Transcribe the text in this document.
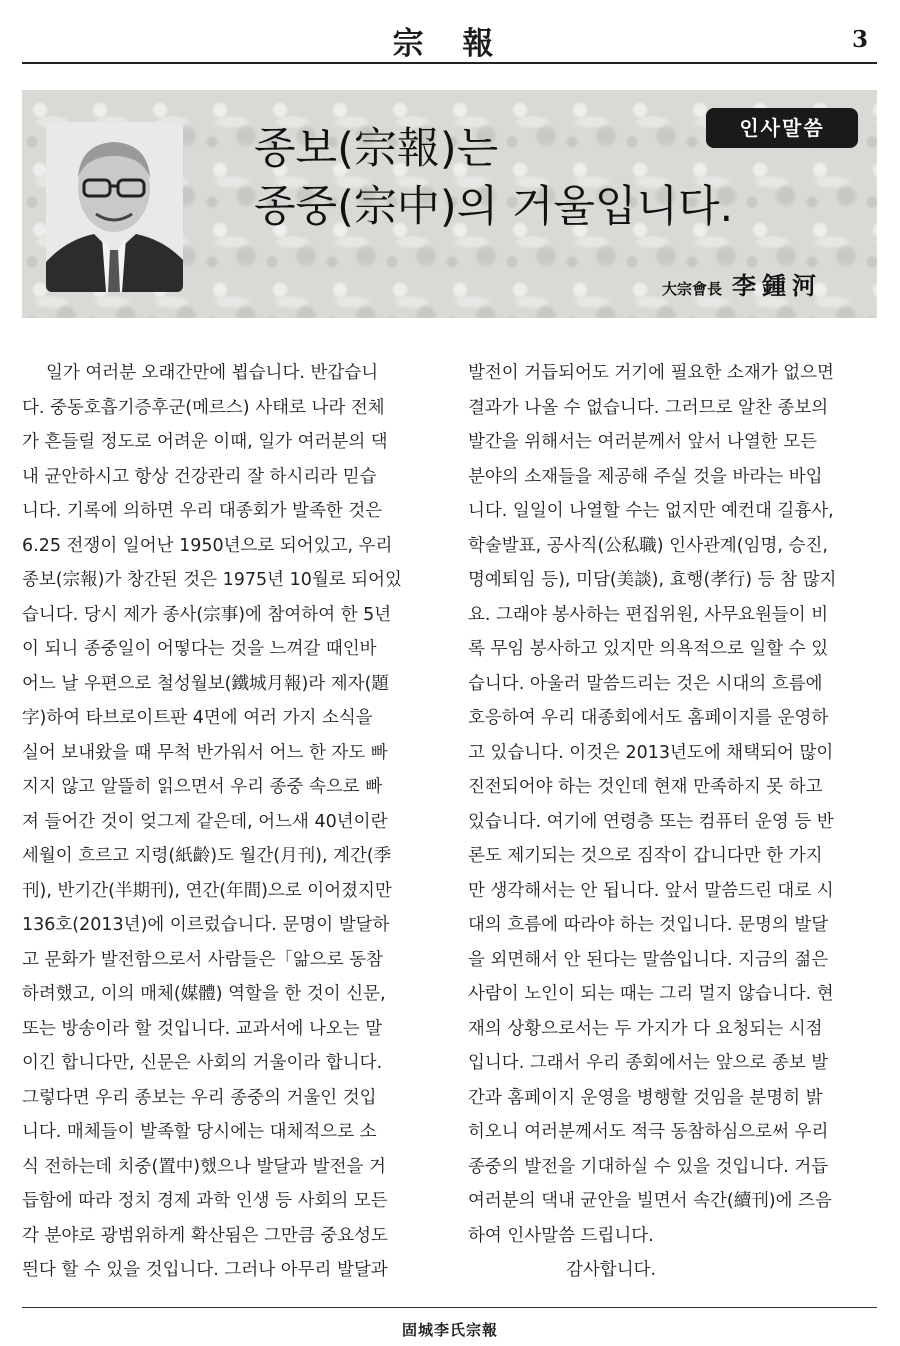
宗 報	3
종보(宗報)는
종중(宗中)의 거울입니다.
인사말씀
大宗會長 李鍾河
일가 여러분 오래간만에 뵙습니다. 반갑습니
다. 중동호흡기증후군(메르스) 사태로 나라 전체
가 흔들릴 정도로 어려운 이때, 일가 여러분의 댁
내 균안하시고 항상 건강관리 잘 하시리라 믿습
니다. 기록에 의하면 우리 대종회가 발족한 것은
6.25 전쟁이 일어난 1950년으로 되어있고, 우리
종보(宗報)가 창간된 것은 1975년 10월로 되어있
습니다. 당시 제가 종사(宗事)에 참여하여 한 5년
이 되니 종중일이 어떻다는 것을 느껴갈 때인바
어느 날 우편으로 철성월보(鐵城月報)라 제자(題
字)하여 타브로이트판 4면에 여러 가지 소식을
실어 보내왔을 때 무척 반가워서 어느 한 자도 빠
지지 않고 알뜰히 읽으면서 우리 종중 속으로 빠
져 들어간 것이 엊그제 같은데, 어느새 40년이란
세월이 흐르고 지령(紙齡)도 월간(月刊), 계간(季
刊), 반기간(半期刊), 연간(年間)으로 이어졌지만
136호(2013년)에 이르렀습니다. 문명이 발달하
고 문화가 발전함으로서 사람들은「앎으로 동참
하려했고, 이의 매체(媒體) 역할을 한 것이 신문,
또는 방송이라 할 것입니다. 교과서에 나오는 말
이긴 합니다만, 신문은 사회의 거울이라 합니다.
그렇다면 우리 종보는 우리 종중의 거울인 것입
니다. 매체들이 발족할 당시에는 대체적으로 소
식 전하는데 치중(置中)했으나 발달과 발전을 거
듭함에 따라 정치 경제 과학 인생 등 사회의 모든
각 분야로 광범위하게 확산됨은 그만큼 중요성도
띈다 할 수 있을 것입니다. 그러나 아무리 발달과
발전이 거듭되어도 거기에 필요한 소재가 없으면
결과가 나올 수 없습니다. 그러므로 알찬 종보의
발간을 위해서는 여러분께서 앞서 나열한 모든
분야의 소재들을 제공해 주실 것을 바라는 바입
니다. 일일이 나열할 수는 없지만 예컨대 길흉사,
학술발표, 공사직(公私職) 인사관계(임명, 승진,
명예퇴임 등), 미담(美談), 효행(孝行) 등 참 많지
요. 그래야 봉사하는 편집위원, 사무요원들이 비
록 무임 봉사하고 있지만 의욕적으로 일할 수 있
습니다. 아울러 말씀드리는 것은 시대의 흐름에
호응하여 우리 대종회에서도 홈페이지를 운영하
고 있습니다. 이것은 2013년도에 채택되어 많이
진전되어야 하는 것인데 현재 만족하지 못 하고
있습니다. 여기에 연령층 또는 컴퓨터 운영 등 반
론도 제기되는 것으로 짐작이 갑니다만 한 가지
만 생각해서는 안 됩니다. 앞서 말씀드린 대로 시
대의 흐름에 따라야 하는 것입니다. 문명의 발달
을 외면해서 안 된다는 말씀입니다. 지금의 젊은
사람이 노인이 되는 때는 그리 멀지 않습니다. 현
재의 상황으로서는 두 가지가 다 요청되는 시점
입니다. 그래서 우리 종회에서는 앞으로 종보 발
간과 홈페이지 운영을 병행할 것임을 분명히 밝
히오니 여러분께서도 적극 동참하심으로써 우리
종중의 발전을 기대하실 수 있을 것입니다. 거듭
여러분의 댁내 균안을 빌면서 속간(續刊)에 즈음
하여 인사말씀 드립니다.
감사합니다.
固城李氏宗報
